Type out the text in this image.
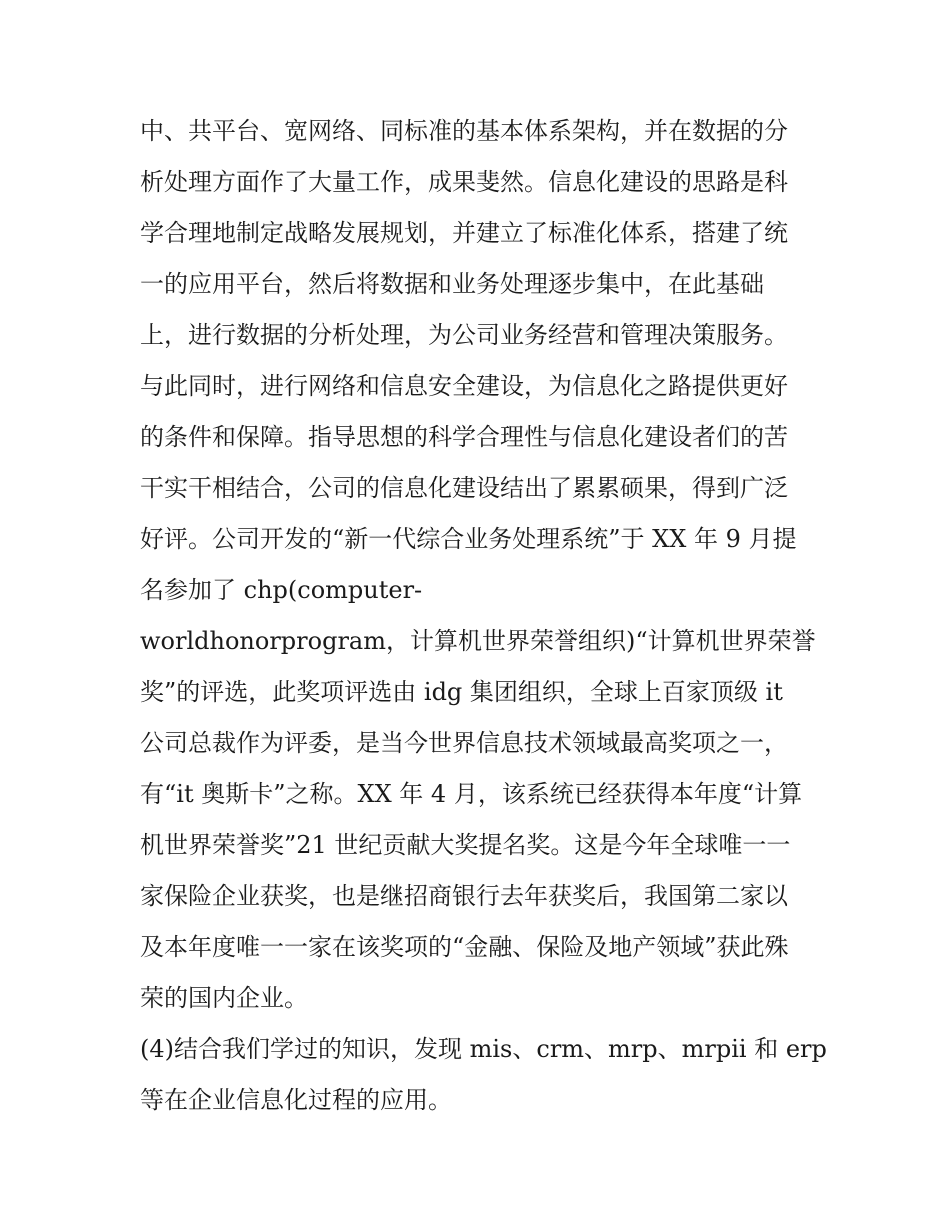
中、共平台、宽网络、同标准的基本体系架构，并在数据的分
析处理方面作了大量工作，成果斐然。信息化建设的思路是科
学合理地制定战略发展规划，并建立了标准化体系，搭建了统
一的应用平台，然后将数据和业务处理逐步集中，在此基础
上，进行数据的分析处理，为公司业务经营和管理决策服务。
与此同时，进行网络和信息安全建设，为信息化之路提供更好
的条件和保障。指导思想的科学合理性与信息化建设者们的苦
干实干相结合，公司的信息化建设结出了累累硕果，得到广泛
好评。公司开发的“新一代综合业务处理系统”于 XX 年 9 月提
名参加了 chp(computer-
worldhonorprogram，计算机世界荣誉组织)“计算机世界荣誉
奖”的评选，此奖项评选由 idg 集团组织，全球上百家顶级 it
公司总裁作为评委，是当今世界信息技术领域最高奖项之一，
有“it 奥斯卡”之称。XX 年 4 月，该系统已经获得本年度“计算
机世界荣誉奖”21 世纪贡献大奖提名奖。这是今年全球唯一一
家保险企业获奖，也是继招商银行去年获奖后，我国第二家以
及本年度唯一一家在该奖项的“金融、保险及地产领域”获此殊
荣的国内企业。
(4)结合我们学过的知识，发现 mis、crm、mrp、mrpii 和 erp
等在企业信息化过程的应用。
